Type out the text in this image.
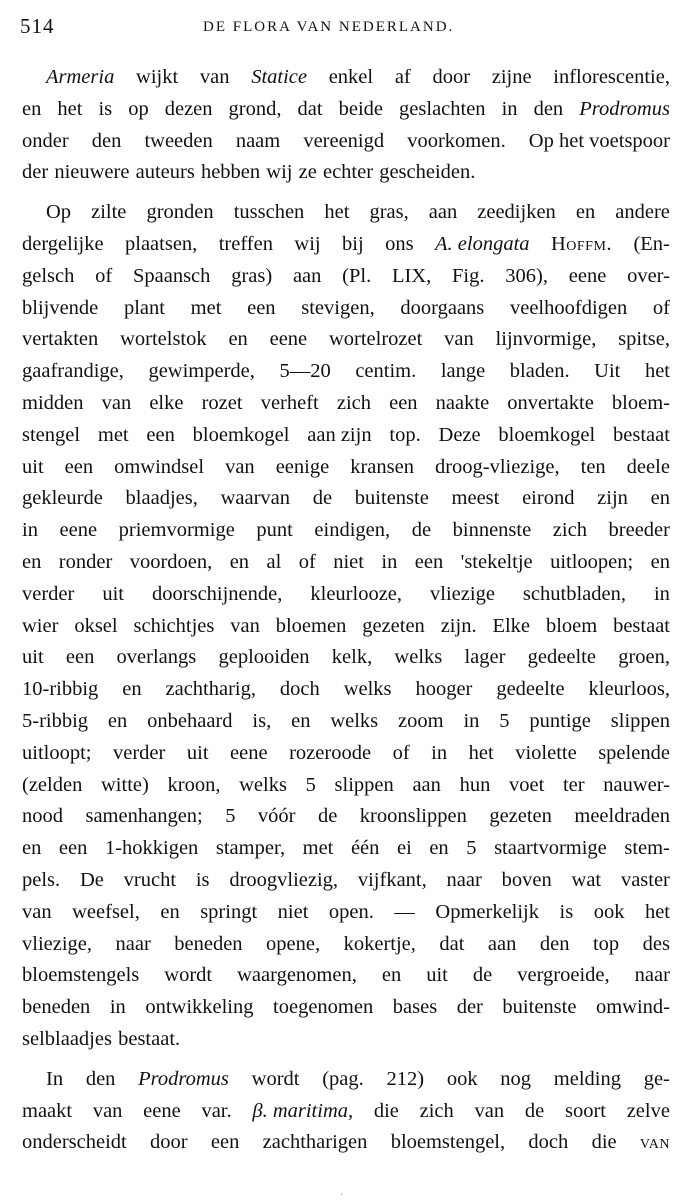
514	DE FLORA VAN NEDERLAND.
Armeria wijkt van Statice enkel af door zijne inflorescentie,
en het is op dezen grond, dat beide geslachten in den Prodromus
onder den tweeden naam vereenigd voorkomen. Op het voetspoor
der nieuwere auteurs hebben wij ze echter gescheiden.
Op zilte gronden tusschen het gras, aan zeedijken en andere
dergelijke plaatsen, treffen wij bij ons A. elongata Hoffm. (En-
gelsch of Spaansch gras) aan (Pl. LIX, Fig. 306), eene over-
blijvende plant met een stevigen, doorgaans veelhoofdigen of
vertakten wortelstok en eene wortelrozet van lijnvormige, spitse,
gaafrandige, gewimperde, 5—20 centim. lange bladen. Uit het
midden van elke rozet verheft zich een naakte onvertakte bloem-
stengel met een bloemkogel aan zijn top. Deze bloemkogel bestaat
uit een omwindsel van eenige kransen droog-vliezige, ten deele
gekleurde blaadjes, waarvan de buitenste meest eirond zijn en
in eene priemvormige punt eindigen, de binnenste zich breeder
en ronder voordoen, en al of niet in een 'stekeltje uitloopen; en
verder uit doorschijnende, kleurlooze, vliezige schutbladen, in
wier oksel schichtjes van bloemen gezeten zijn. Elke bloem bestaat
uit een overlangs geplooiden kelk, welks lager gedeelte groen,
10-ribbig en zachtharig, doch welks hooger gedeelte kleurloos,
5-ribbig en onbehaard is, en welks zoom in 5 puntige slippen
uitloopt; verder uit eene rozeroode of in het violette spelende
(zelden witte) kroon, welks 5 slippen aan hun voet ter nauwer-
nood samenhangen; 5 vóór de kroonslippen gezeten meeldraden
en een 1-hokkigen stamper, met één ei en 5 staartvormige stem-
pels. De vrucht is droogvliezig, vijfkant, naar boven wat vaster
van weefsel, en springt niet open. — Opmerkelijk is ook het
vliezige, naar beneden opene, kokertje, dat aan den top des
bloemstengels wordt waargenomen, en uit de vergroeide, naar
beneden in ontwikkeling toegenomen bases der buitenste omwind-
selblaadjes bestaat.
In den Prodromus wordt (pag. 212) ook nog melding ge-
maakt van eene var. β. maritima, die zich van de soort zelve
onderscheidt door een zachtharigen bloemstengel, doch die van
·
